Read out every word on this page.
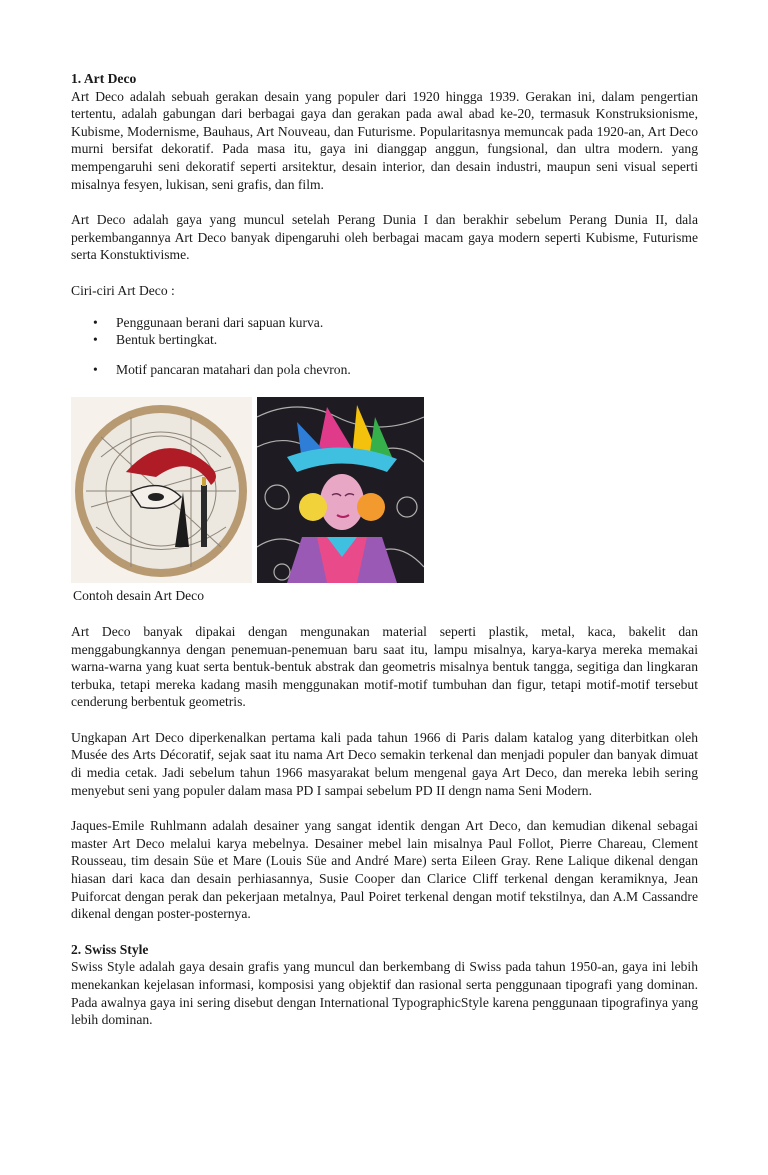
1. Art Deco

Art Deco adalah sebuah gerakan desain yang populer dari 1920 hingga 1939. Gerakan ini, dalam pengertian tertentu, adalah gabungan dari berbagai gaya dan gerakan pada awal abad ke-20, termasuk Konstruksionisme, Kubisme, Modernisme, Bauhaus, Art Nouveau, dan Futurisme. Popularitasnya memuncak pada 1920-an, Art Deco murni bersifat dekoratif. Pada masa itu, gaya ini dianggap anggun, fungsional, dan ultra modern. yang mempengaruhi seni dekoratif seperti arsitektur, desain interior, dan desain industri, maupun seni visual seperti misalnya fesyen, lukisan, seni grafis, dan film.

Art Deco adalah gaya yang muncul setelah Perang Dunia I dan berakhir sebelum Perang Dunia II, dala perkembangannya Art Deco banyak dipengaruhi oleh berbagai macam gaya modern seperti Kubisme, Futurisme serta Konstuktivisme.

Ciri-ciri Art Deco :

• Penggunaan berani dari sapuan kurva.
• Bentuk bertingkat.
• Motif pancaran matahari dan pola chevron.

Contoh desain Art Deco

Art Deco banyak dipakai dengan mengunakan material seperti plastik, metal, kaca, bakelit dan menggabungkannya dengan penemuan-penemuan baru saat itu, lampu misalnya, karya-karya mereka memakai warna-warna yang kuat serta bentuk-bentuk abstrak dan geometris misalnya bentuk tangga, segitiga dan lingkaran terbuka, tetapi mereka kadang masih menggunakan motif-motif tumbuhan dan figur, tetapi motif-motif tersebut cenderung berbentuk geometris.

Ungkapan Art Deco diperkenalkan pertama kali pada tahun 1966 di Paris dalam katalog yang diterbitkan oleh Musée des Arts Décoratif, sejak saat itu nama Art Deco semakin terkenal dan menjadi populer dan banyak dimuat di media cetak. Jadi sebelum tahun 1966 masyarakat belum mengenal gaya Art Deco, dan mereka lebih sering menyebut seni yang populer dalam masa PD I sampai sebelum PD II dengn nama Seni Modern.

Jaques-Emile Ruhlmann adalah desainer yang sangat identik dengan Art Deco, dan kemudian dikenal sebagai master Art Deco melalui karya mebelnya. Desainer mebel lain misalnya Paul Follot, Pierre Chareau, Clement Rousseau, tim desain Süe et Mare (Louis Süe and André Mare) serta Eileen Gray. Rene Lalique dikenal dengan hiasan dari kaca dan desain perhiasannya, Susie Cooper dan Clarice Cliff terkenal dengan keramiknya, Jean Puiforcat dengan perak dan pekerjaan metalnya, Paul Poiret terkenal dengan motif tekstilnya, dan A.M Cassandre dikenal dengan poster-posternya.

2. Swiss Style

Swiss Style adalah gaya desain grafis yang muncul dan berkembang di Swiss pada tahun 1950-an, gaya ini lebih menekankan kejelasan informasi, komposisi yang objektif dan rasional serta penggunaan tipografi yang dominan. Pada awalnya gaya ini sering disebut dengan International TypographicStyle karena penggunaan tipografinya yang lebih dominan.
